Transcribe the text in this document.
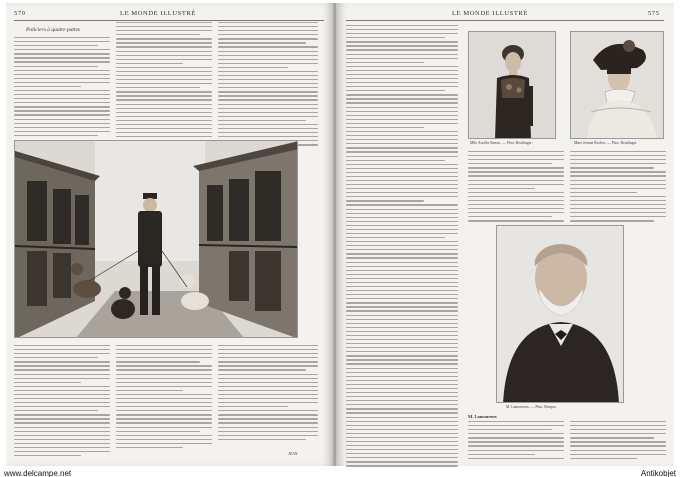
570	LE MONDE ILLUSTRÉ
Policiers à quatre pattes
JEAN
LE MONDE ILLUSTRÉ	575
Mlle Aurélie Simon. — Phot. Reutlinger.	Mme Jeanne Rocher. — Phot. Reutlinger.
M. Lamoureux. — Phot. Benque.
M. Lamoureux
www.delcampe.net	Antikobjet
